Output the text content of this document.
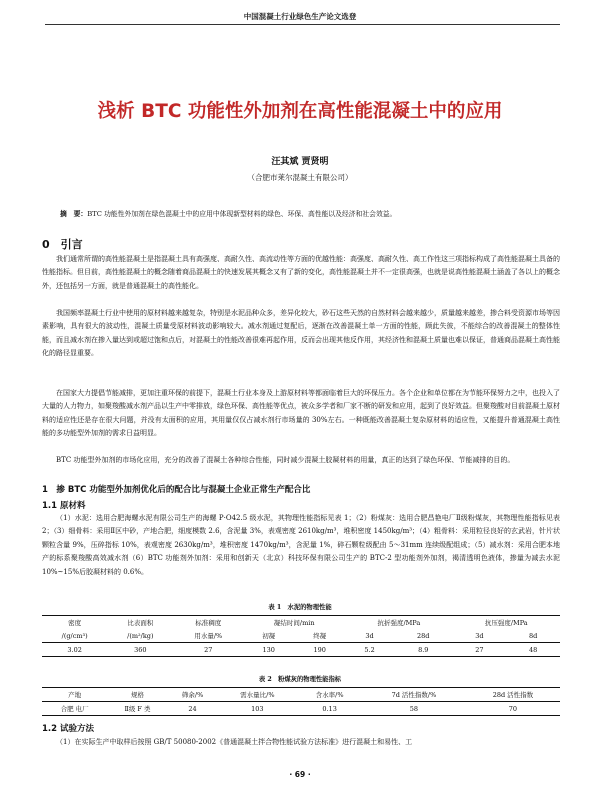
中国混凝土行业绿色生产论文选登
浅析 BTC 功能性外加剂在高性能混凝土中的应用
汪其斌 贾贤明
（合肥市莱尔混凝土有限公司）
摘　要：BTC 功能性外加剂在绿色混凝土中的应用中体现新型材料的绿色、环保、高性能以及经济和社会效益。
0　引言
我们通常所谓的高性能混凝土是指混凝土具有高强度、高耐久性、高流动性等方面的优越性能：高强度、高耐久性、高工作性这三项指标构成了高性能混凝土具备的性能指标。但目前，高性能混凝土的概念随着商品混凝土的快速发展其概念又有了新的变化，高性能混凝土并不一定很高强，也就是说高性能混凝土涵盖了各以上的概念外，还包括另一方面，就是普通混凝土的高性能化。
我国频率混凝土行业中使用的原材料越来越复杂，特别是水泥品种众多，差异化较大，砂石这些天然的自然材料会越来越少，质量越来越差，掺合料受资源市场等因素影响，具有很大的波动性，混凝土质量受原材料波动影响较大。减水剂通过复配后，逐渐在改善混凝土单一方面的性能，顾此失彼，不能综合的改善混凝土的整体性能，而且减水剂在掺入量达到或超过饱和点后，对混凝土的性能改善很难再起作用，反而会出现其他反作用，其经济性和混凝土质量也难以保证，普通商品混凝土高性能化的路径显重要。
在国家大力提倡节能减排，更加注重环保的前提下，混凝土行业本身及上游原材料等都面临着巨大的环保压力。各个企业和单位都在为节能环保努力之中，也投入了大量的人力物力，如聚羧酸减水剂产品以生产中零排放，绿色环保、高性能等优点，被众多学者和厂家不断的研发和应用，起到了良好效益。但聚羧酸对目前混凝土原材料的适应性还是存在很大问题，并没有太面积的应用，其用量仅仅占减水剂行市场量的 30%左右。一种既能改善混凝土复杂原材料的适应性，又能提升普通混凝土高性能的多功能型外加剂的需求日益明显。
BTC 功能型外加剂的市场化应用，充分的改善了混凝土各种综合性能，同时减少混凝土胶凝材料的用量，真正的达到了绿色环保、节能减排的目的。
1　掺 BTC 功能型外加剂优化后的配合比与混凝土企业正常生产配合比
1.1 原材料
（1）水泥：选用合肥海螺水泥有限公司生产的海螺 P·O42.5 级水泥，其物理性能指标见表 1；（2）粉煤灰：选用合肥昌艳电厂Ⅱ级粉煤灰，其物理性能指标见表 2；（3）细骨料：采用Ⅱ区中砂，产地合肥，细度模数 2.6，含泥量 3%，表观密度 2610kg/m³，堆积密度 1450kg/m³；（4）粗骨料：采用粒径良好的玄武岩，针片状颗粒含量 9%，压碎指标 10%，表观密度 2630kg/m³，堆积密度 1470kg/m³，含泥量 1%，碎石颗粒级配由 5～31mm 连续级配组成；（5）减水剂：采用合肥本地产的标系聚羧酸高效减水剂（6）BTC 功能剂外加剂：采用和创新天（北京）科技环保有限公司生产的 BTC-2 型功能剂外加剂，褐清透明色液体，掺量为减去水泥 10%~15%后胶凝材料的 0.6%。
表 1　水泥的物理性能
密度	比表面积	标准稠度	凝结时间/min		抗折强度/MPa		抗压强度/MPa	
/(g/cm³)	/(m²/kg)	用水量/%	初凝	终凝	3d	28d	3d	8d
3.02	360	27	130	190	5.2	8.9	27	48
表 2　粉煤灰的物理性能指标
产地	规格	筛余/%	需水量比/%	含水率/%	7d 活性指数/%	28d 活性指数
合肥 电厂	Ⅱ级 F 类	24	103	0.13	58	70
1.2 试验方法
（1）在实际生产中取样后按照 GB/T 50080-2002《普通混凝土拌合物性能试验方法标准》进行混凝土和易性、工
· 69 ·
